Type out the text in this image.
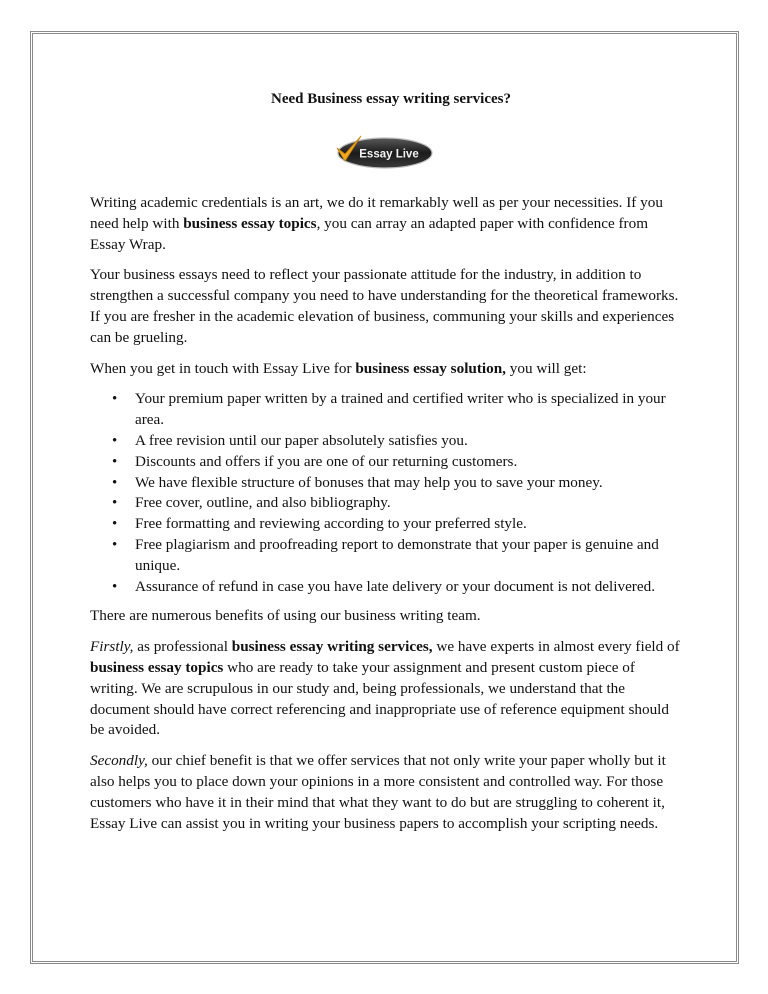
Need Business essay writing services?
Essay Live

Writing academic credentials is an art, we do it remarkably well as per your necessities. If you need help with business essay topics, you can array an adapted paper with confidence from Essay Wrap.

Your business essays need to reflect your passionate attitude for the industry, in addition to strengthen a successful company you need to have understanding for the theoretical frameworks. If you are fresher in the academic elevation of business, communing your skills and experiences can be grueling.

When you get in touch with Essay Live for business essay solution, you will get:

• Your premium paper written by a trained and certified writer who is specialized in your area.
• A free revision until our paper absolutely satisfies you.
• Discounts and offers if you are one of our returning customers.
• We have flexible structure of bonuses that may help you to save your money.
• Free cover, outline, and also bibliography.
• Free formatting and reviewing according to your preferred style.
• Free plagiarism and proofreading report to demonstrate that your paper is genuine and unique.
• Assurance of refund in case you have late delivery or your document is not delivered.

There are numerous benefits of using our business writing team.

Firstly, as professional business essay writing services, we have experts in almost every field of business essay topics who are ready to take your assignment and present custom piece of writing. We are scrupulous in our study and, being professionals, we understand that the document should have correct referencing and inappropriate use of reference equipment should be avoided.

Secondly, our chief benefit is that we offer services that not only write your paper wholly but it also helps you to place down your opinions in a more consistent and controlled way. For those customers who have it in their mind that what they want to do but are struggling to coherent it, Essay Live can assist you in writing your business papers to accomplish your scripting needs.
